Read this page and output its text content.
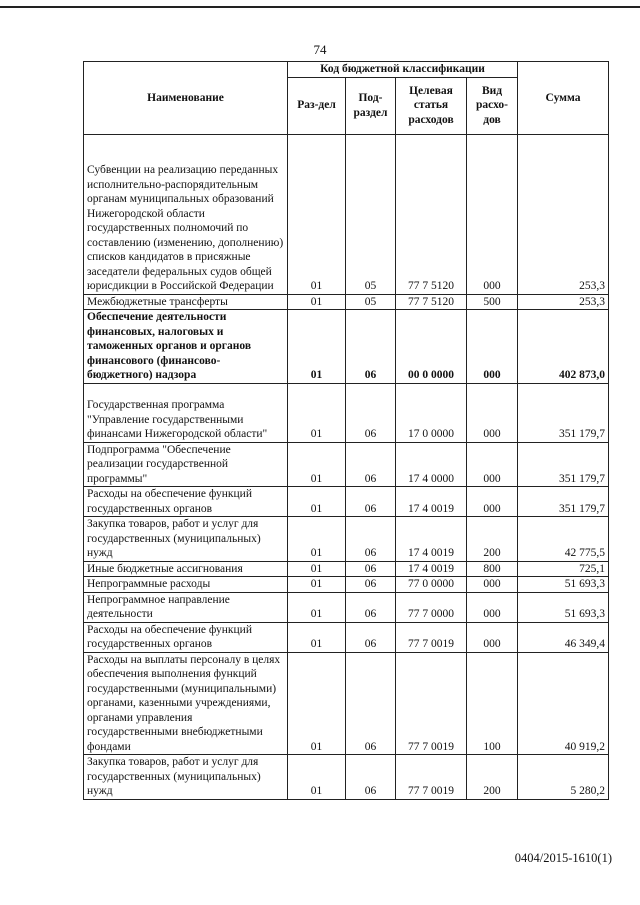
74
Наименование	Код бюджетной классификации				Сумма
	Раз-дел	Под-раздел	Целевая статья расходов	Вид расхо-дов	
Субвенции на реализацию переданных исполнительно-распорядительным органам муниципальных образований Нижегородской области государственных полномочий по составлению (изменению, дополнению) списков кандидатов в присяжные заседатели федеральных судов общей юрисдикции в Российской Федерации	01	05	77 7 5120	000	253,3
Межбюджетные трансферты	01	05	77 7 5120	500	253,3
Обеспечение деятельности финансовых, налоговых и таможенных органов и органов финансового (финансово-бюджетного) надзора	01	06	00 0 0000	000	402 873,0
Государственная программа "Управление государственными финансами Нижегородской области"	01	06	17 0 0000	000	351 179,7
Подпрограмма "Обеспечение реализации государственной программы"	01	06	17 4 0000	000	351 179,7
Расходы на обеспечение функций государственных органов	01	06	17 4 0019	000	351 179,7
Закупка товаров, работ и услуг для государственных (муниципальных) нужд	01	06	17 4 0019	200	42 775,5
Иные бюджетные ассигнования	01	06	17 4 0019	800	725,1
Непрограммные расходы	01	06	77 0 0000	000	51 693,3
Непрограммное направление деятельности	01	06	77 7 0000	000	51 693,3
Расходы на обеспечение функций государственных органов	01	06	77 7 0019	000	46 349,4
Расходы на выплаты персоналу в целях обеспечения выполнения функций государственными (муниципальными) органами, казенными учреждениями, органами управления государственными внебюджетными фондами	01	06	77 7 0019	100	40 919,2
Закупка товаров, работ и услуг для государственных (муниципальных) нужд	01	06	77 7 0019	200	5 280,2
0404/2015-1610(1)
